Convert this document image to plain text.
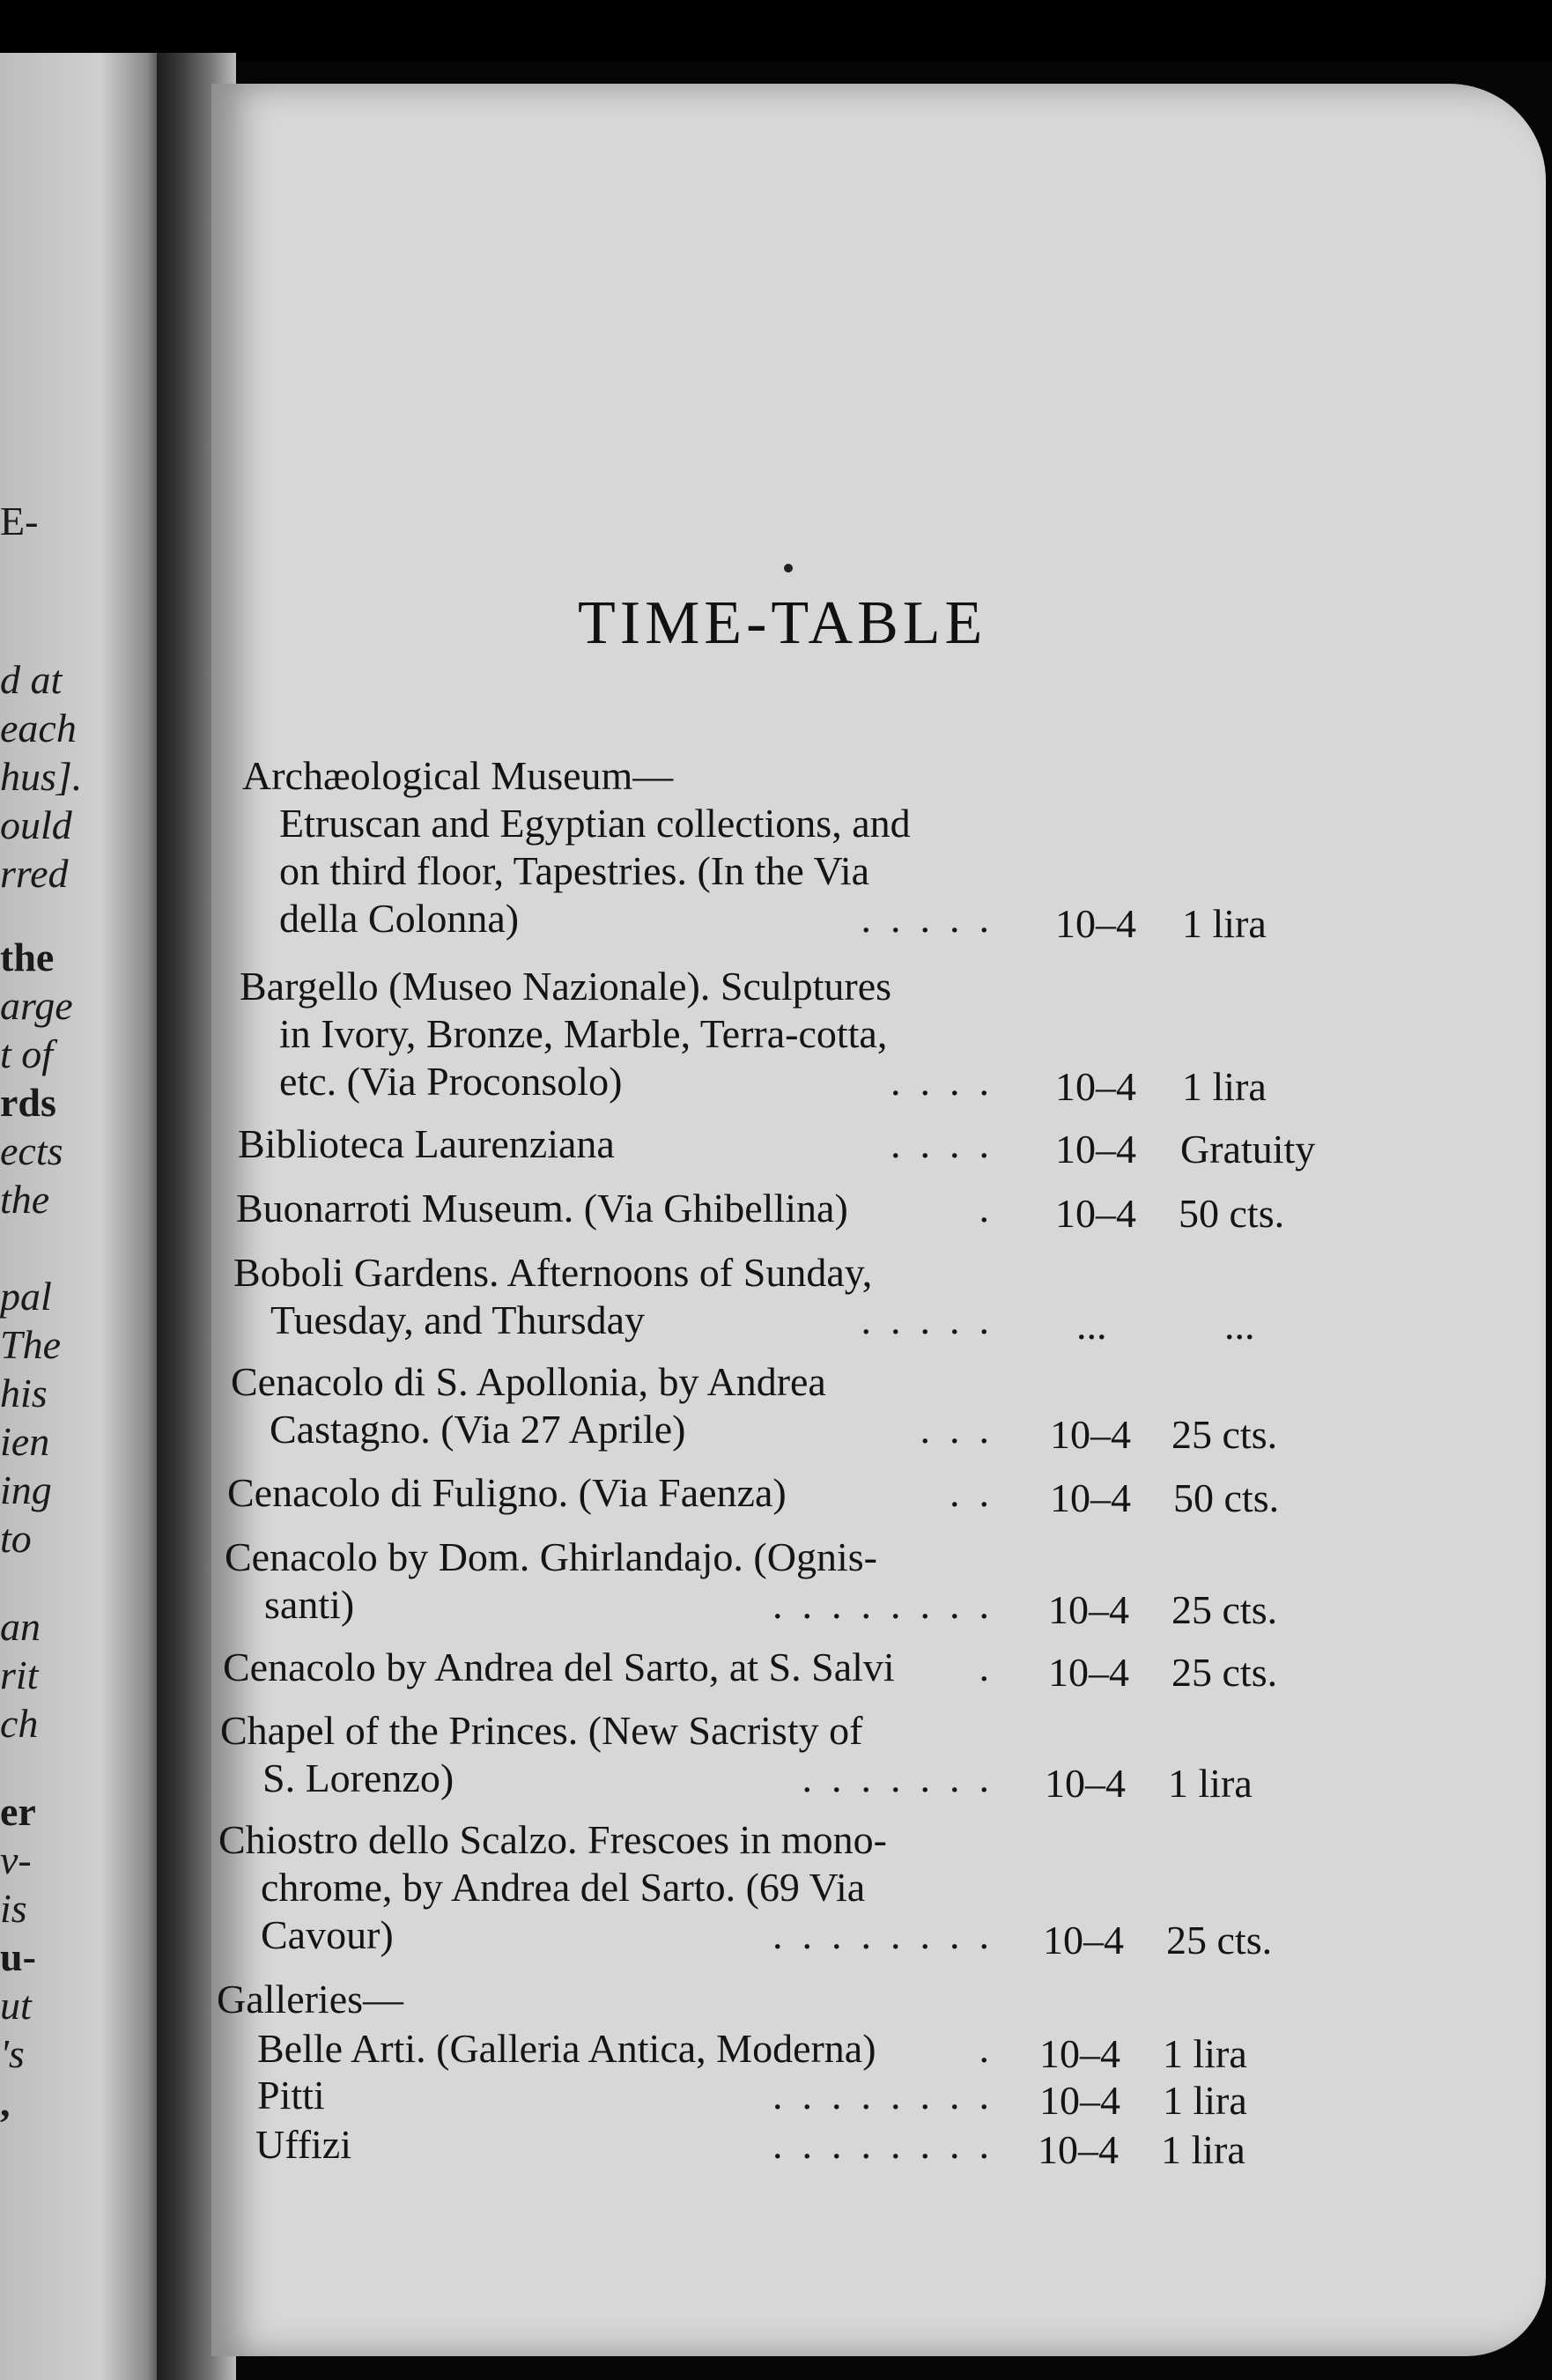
E-
d at
each
hus].
ould
rred
the
arge
t of
rds
ects
the
pal
The
his
ien
ing
to
an
rit
ch
er
v-
is
u-
ut
's
,
TIME-TABLE
Archæological Museum—
Etruscan and Egyptian collections, and
on third floor, Tapestries. (In the Via
della Colonna)	..... 10–4 1 lira
Bargello (Museo Nazionale). Sculptures
in Ivory, Bronze, Marble, Terra-cotta,
etc. (Via Proconsolo)	.... 10–4 1 lira
Biblioteca Laurenziana	.... 10–4 Gratuity
Buonarroti Museum. (Via Ghibellina)	. 10–4 50 cts.
Boboli Gardens. Afternoons of Sunday,
Tuesday, and Thursday	..... ...	...
Cenacolo di S. Apollonia, by Andrea
Castagno. (Via 27 Aprile)	... 10–4 25 cts.
Cenacolo di Fuligno. (Via Faenza)	.. 10–4 50 cts.
Cenacolo by Dom. Ghirlandajo. (Ognis-
santi)	........ 10–4 25 cts.
Cenacolo by Andrea del Sarto, at S. Salvi . 10–4 25 cts.
Chapel of the Princes. (New Sacristy of
S. Lorenzo)	....... 10–4 1 lira
Chiostro dello Scalzo. Frescoes in mono-
chrome, by Andrea del Sarto. (69 Via
Cavour)	........ 10–4 25 cts.
Galleries—
Belle Arti. (Galleria Antica, Moderna)	. 10–4 1 lira
Pitti	........ 10–4 1 lira
Uffizi	........ 10–4 1 lira
